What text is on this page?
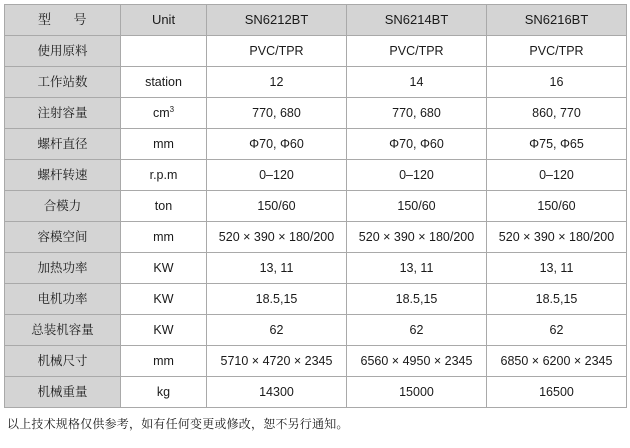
型 号	Unit	SN6212BT	SN6214BT	SN6216BT
使用原料		PVC/TPR	PVC/TPR	PVC/TPR
工作站数	station	12	14	16
注射容量	$cm^3$	770, 680	770, 680	860, 770
螺杆直径	mm	Φ70, Φ60	Φ70, Φ60	Φ75, Φ65
螺杆转速	r.p.m	0–120	0–120	0–120
合模力	ton	150/60	150/60	150/60
容模空间	mm	520 × 390 × 180/200	520 × 390 × 180/200	520 × 390 × 180/200
加热功率	KW	13, 11	13, 11	13, 11
电机功率	KW	18.5,15	18.5,15	18.5,15
总装机容量	KW	62	62	62
机械尺寸	mm	5710 × 4720 × 2345	6560 × 4950 × 2345	6850 × 6200 × 2345
机械重量	kg	14300	15000	16500
以上技术规格仅供参考，如有任何变更或修改，恕不另行通知。
